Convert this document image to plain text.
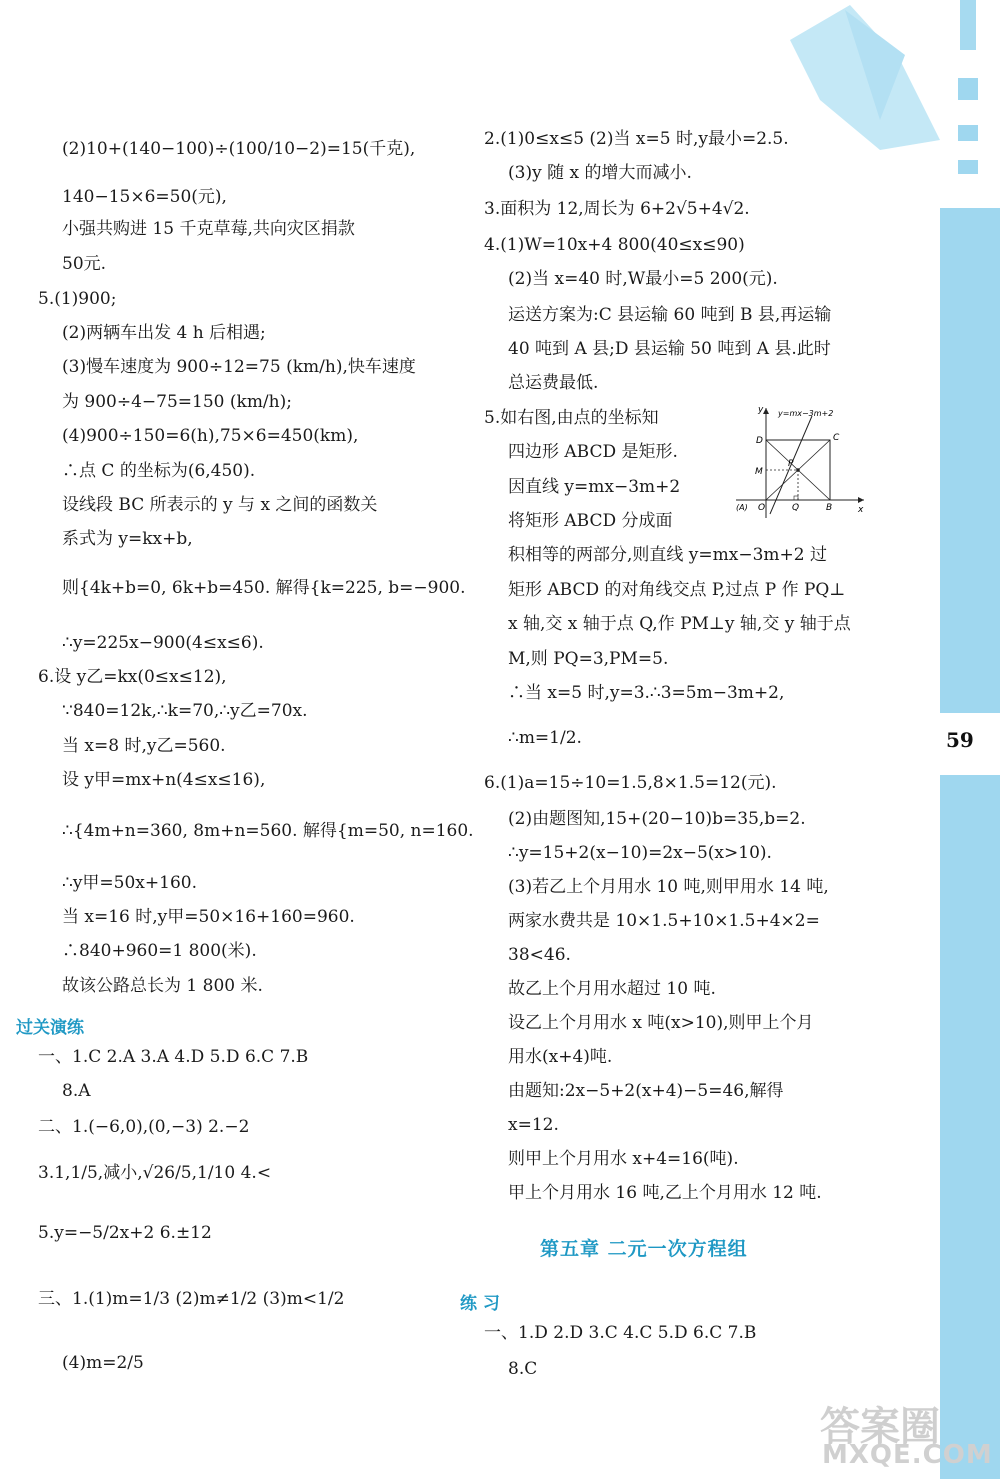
59
(2)10+(140−100)÷(100/10−2)=15(千克),
140−15×6=50(元),
小强共购进 15 千克草莓,共向灾区捐款
50元.
5.(1)900;
(2)两辆车出发 4 h 后相遇;
(3)慢车速度为 900÷12=75 (km/h),快车速度
为 900÷4−75=150 (km/h);
(4)900÷150=6(h),75×6=450(km),
∴点 C 的坐标为(6,450).
设线段 BC 所表示的 y 与 x 之间的函数关
系式为 y=kx+b,
则{4k+b=0, 6k+b=450. 解得{k=225, b=−900.
∴y=225x−900(4≤x≤6).
6.设 y乙=kx(0≤x≤12),
∵840=12k,∴k=70,∴y乙=70x.
当 x=8 时,y乙=560.
设 y甲=mx+n(4≤x≤16),
∴{4m+n=360, 8m+n=560. 解得{m=50, n=160.
∴y甲=50x+160.
当 x=16 时,y甲=50×16+160=960.
∴840+960=1 800(米).
故该公路总长为 1 800 米.
过关演练
一、1.C 2.A 3.A 4.D 5.D 6.C 7.B
8.A
二、1.(−6,0),(0,−3) 2.−2
3.1,1/5,减小,√26/5,1/10 4.<
5.y=−5/2x+2 6.±12
三、1.(1)m=1/3 (2)m≠1/2 (3)m<1/2
(4)m=2/5
2.(1)0≤x≤5 (2)当 x=5 时,y最小=2.5.
(3)y 随 x 的增大而减小.
3.面积为 12,周长为 6+2√5+4√2.
4.(1)W=10x+4 800(40≤x≤90)
(2)当 x=40 时,W最小=5 200(元).
运送方案为:C 县运输 60 吨到 B 县,再运输
40 吨到 A 县;D 县运输 50 吨到 A 县.此时
总运费最低.
5.如右图,由点的坐标知
四边形 ABCD 是矩形.
因直线 y=mx−3m+2
将矩形 ABCD 分成面
积相等的两部分,则直线 y=mx−3m+2 过
矩形 ABCD 的对角线交点 P,过点 P 作 PQ⊥
x 轴,交 x 轴于点 Q,作 PM⊥y 轴,交 y 轴于点
M,则 PQ=3,PM=5.
∴当 x=5 时,y=3.∴3=5m−3m+2,
∴m=1/2.
6.(1)a=15÷10=1.5,8×1.5=12(元).
(2)由题图知,15+(20−10)b=35,b=2.
∴y=15+2(x−10)=2x−5(x>10).
(3)若乙上个月用水 10 吨,则甲用水 14 吨,
两家水费共是 10×1.5+10×1.5+4×2=
38<46.
故乙上个月用水超过 10 吨.
设乙上个月用水 x 吨(x>10),则甲上个月
用水(x+4)吨.
由题知:2x−5+2(x+4)−5=46,解得
x=12.
则甲上个月用水 x+4=16(吨).
甲上个月用水 16 吨,乙上个月用水 12 吨.
第五章 二元一次方程组
练 习
一、1.D 2.D 3.C 4.C 5.D 6.C 7.B
8.C
y=mx−3m+2
y
x
D	C
M
P
(A) O	Q	B
答案圈
MXQE.COM
